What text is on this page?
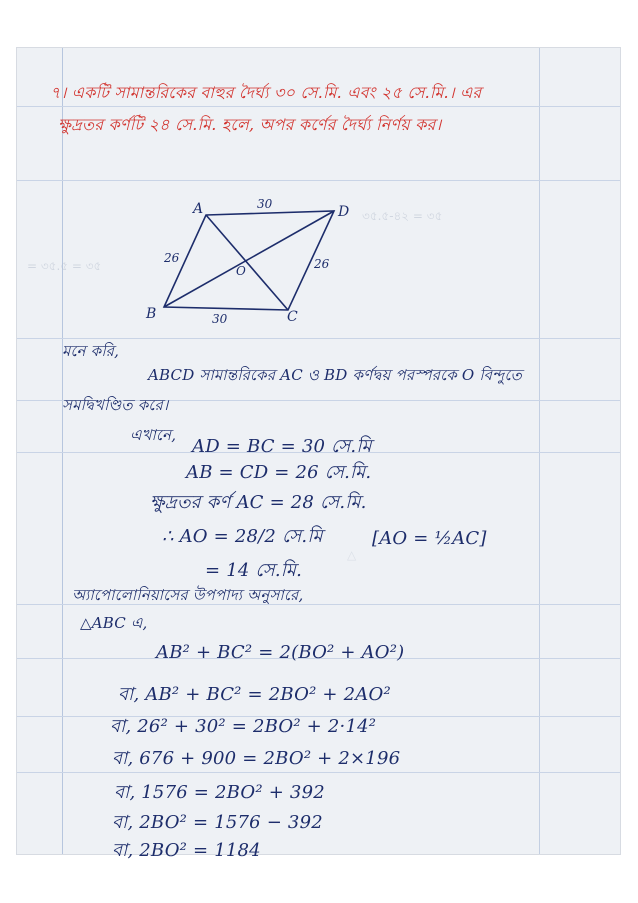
= ৩৫.৫ = ৩৫
৩৫.৫-৪২ = ৩৫
△
৭। একটি সামান্তরিকের বাহুর দৈর্ঘ্য ৩০ সে.মি. এবং ২৫ সে.মি.। এর
ক্ষুদ্রতর কর্ণটি ২৪ সে.মি. হলে, অপর কর্ণের দৈর্ঘ্য নির্ণয় কর।
A	D
B	C
O
30
30
26	26
মনে করি,
ABCD সামান্তরিকের AC ও BD কর্ণদ্বয় পরস্পরকে O বিন্দুতে
সমদ্বিখণ্ডিত করে।
এখানে,
AD = BC = 30 সে.মি
AB = CD = 26 সে.মি.
ক্ষুদ্রতর কর্ণ AC = 28 সে.মি.
∴ AO = 28/2 সে.মি	[AO = ½AC]
= 14 সে.মি.
অ্যাপোলোনিয়াসের উপপাদ্য অনুসারে,
△ABC এ,
AB² + BC² = 2(BO² + AO²)
বা, AB² + BC² = 2BO² + 2AO²
বা, 26² + 30² = 2BO² + 2·14²
বা, 676 + 900 = 2BO² + 2×196
বা, 1576 = 2BO² + 392
বা, 2BO² = 1576 − 392
বা, 2BO² = 1184
